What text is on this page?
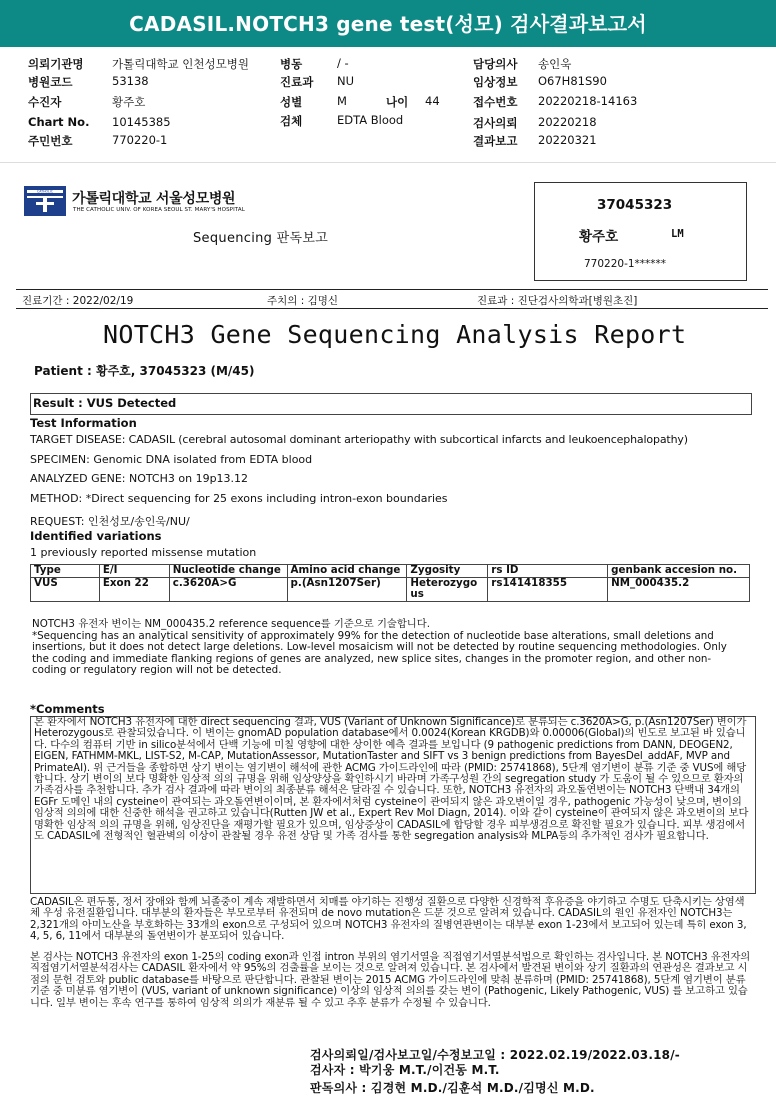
CADASIL.NOTCH3 gene test(성모) 검사결과보고서
의뢰기관명 가톨릭대학교 인천성모병원
병원코드	53138
수진자	황주호
Chart No. 10145385
주민번호	770220-1
병동	/ -
진료과 NU
성별	M	나이 44
검체	EDTA Blood
담당의사 송인욱
임상정보 O67H81S90
접수번호 20220218-14163
검사의뢰 20220218
결과보고 20220321
CATHOLIC 가톨릭대학교 서울성모병원
THE CATHOLIC UNIV. OF KOREA SEOUL ST. MARY'S HOSPITAL
Sequencing 판독보고
37045323
황주호	LM
770220-1******
진료기간 : 2022/02/19	주치의 : 김명신	진료과 : 진단검사의학과[병원초진]
NOTCH3 Gene Sequencing Analysis Report
Patient : 황주호, 37045323 (M/45)
Result : VUS Detected
Test Information
TARGET DISEASE: CADASIL (cerebral autosomal dominant arteriopathy with subcortical infarcts and leukoencephalopathy)
SPECIMEN: Genomic DNA isolated from EDTA blood
ANALYZED GENE: NOTCH3 on 19p13.12
METHOD: *Direct sequencing for 25 exons including intron-exon boundaries
REQUEST: 인천성모/송인욱/NU/
Identified variations
1 previously reported missense mutation
Type	E/I	Nucleotide change	Amino acid change	Zygosity	rs ID	genbank accesion no.
VUS	Exon 22	c.3620A>G	p.(Asn1207Ser)	Heterozygous	rs141418355	NM_000435.2
NOTCH3 유전자 변이는 NM_000435.2 reference sequence를 기준으로 기술합니다.
*Sequencing has an analytical sensitivity of approximately 99% for the detection of nucleotide base alterations, small deletions and insertions, but it does not detect large deletions. Low-level mosaicism will not be detected by routine sequencing methodologies. Only the coding and immediate flanking regions of genes are analyzed, new splice sites, changes in the promoter region, and other non-coding or regulatory region will not be detected.
*Comments
본 환자에서 NOTCH3 유전자에 대한 direct sequencing 결과, VUS (Variant of Unknown Significance)로 분류되는 c.3620A>G, p.(Asn1207Ser) 변이가 Heterozygous로 관찰되었습니다. 이 변이는 gnomAD population database에서 0.0024(Korean KRGDB)와 0.00006(Global)의 빈도로 보고된 바 있습니다. 다수의 컴퓨터 기반 in silico분석에서 단백 기능에 미칠 영향에 대한 상이한 예측 결과를 보입니다 (9 pathogenic predictions from DANN, DEOGEN2, EIGEN, FATHMM-MKL, LIST-S2, M-CAP, MutationAssessor, MutationTaster and SIFT vs 3 benign predictions from BayesDel_addAF, MVP and PrimateAI). 위 근거들을 종합하면 상기 변이는 염기변이 해석에 관한 ACMG 가이드라인에 따라 (PMID: 25741868), 5단계 염기변이 분류 기준 중 VUS에 해당합니다. 상기 변이의 보다 명확한 임상적 의의 규명을 위해 임상양상을 확인하시기 바라며 가족구성원 간의 segregation study 가 도움이 될 수 있으므로 환자의 가족검사를 추천합니다. 추가 검사 결과에 따라 변이의 최종분류 해석은 달라질 수 있습니다. 또한, NOTCH3 유전자의 과오돌연변이는 NOTCH3 단백내 34개의 EGFr 도메인 내의 cysteine이 관여되는 과오돌연변이이며, 본 환자에서처럼 cysteine이 관여되지 않은 과오변이일 경우, pathogenic 가능성이 낮으며, 변이의 임상적 의의에 대한 신중한 해석을 권고하고 있습니다(Rutten JW et al., Expert Rev Mol Diagn, 2014). 이와 같이 cysteine이 관여되지 않은 과오변이의 보다 명확한 임상적 의의 규명을 위해, 임상진단을 재평가할 필요가 있으며, 임상증상이 CADASIL에 합당할 경우 피부생검으로 확진할 필요가 있습니다. 피부 생검에서도 CADASIL에 전형적인 혈관벽의 이상이 관찰될 경우 유전 상담 및 가족 검사를 통한 segregation analysis와 MLPA등의 추가적인 검사가 필요합니다.
CADASIL은 편두통, 정서 장애와 함께 뇌졸중이 계속 재발하면서 치매를 야기하는 진행성 질환으로 다양한 신경학적 후유증을 야기하고 수명도 단축시키는 상염색체 우성 유전질환입니다. 대부분의 환자들은 부모로부터 유전되며 de novo mutation은 드문 것으로 알려져 있습니다. CADASIL의 원인 유전자인 NOTCH3는 2,321개의 아미노산을 부호화하는 33개의 exon으로 구성되어 있으며 NOTCH3 유전자의 질병연관변이는 대부분 exon 1-23에서 보고되어 있는데 특히 exon 3, 4, 5, 6, 11에서 대부분의 돌연변이가 분포되어 있습니다.
본 검사는 NOTCH3 유전자의 exon 1-25의 coding exon과 인접 intron 부위의 염기서열을 직접염기서열분석법으로 확인하는 검사입니다. 본 NOTCH3 유전자의 직접염기서열분석검사는 CADASIL 환자에서 약 95%의 검출률을 보이는 것으로 알려져 있습니다. 본 검사에서 발견된 변이와 상기 질환과의 연관성은 결과보고 시점의 문헌 검토와 public database를 바탕으로 판단합니다. 관찰된 변이는 2015 ACMG 가이드라인에 맞춰 분류하며 (PMID: 25741868), 5단계 염기변이 분류 기준 중 미분류 염기변이 (VUS, variant of unknown significance) 이상의 임상적 의의를 갖는 변이 (Pathogenic, Likely Pathogenic, VUS) 를 보고하고 있습니다. 일부 변이는 후속 연구를 통하여 임상적 의의가 재분류 될 수 있고 추후 분류가 수정될 수 있습니다.
검사의뢰일/검사보고일/수정보고일 : 2022.02.19/2022.03.18/-
검사자 : 박기웅 M.T./이건동 M.T.
판독의사 : 김경현 M.D./김훈석 M.D./김명신 M.D.
